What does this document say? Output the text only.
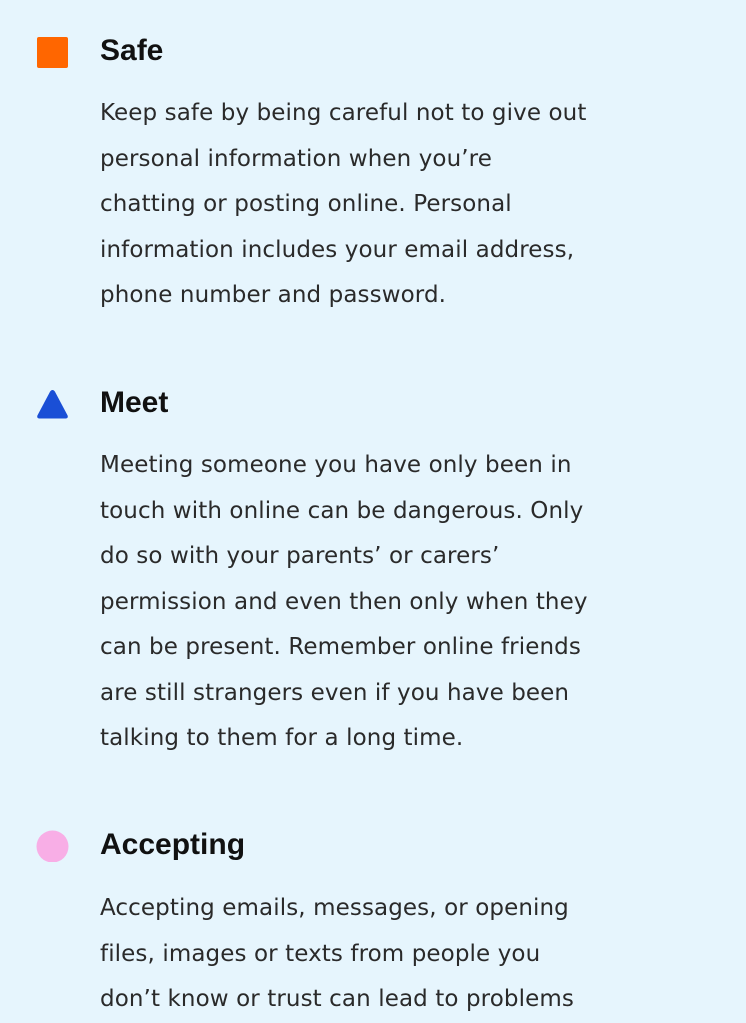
Safe

Keep safe by being careful not to give out
personal information when you’re
chatting or posting online. Personal
information includes your email address,
phone number and password.

Meet

Meeting someone you have only been in
touch with online can be dangerous. Only
do so with your parents’ or carers’
permission and even then only when they
can be present. Remember online friends
are still strangers even if you have been
talking to them for a long time.

Accepting

Accepting emails, messages, or opening
files, images or texts from people you
don’t know or trust can lead to problems
